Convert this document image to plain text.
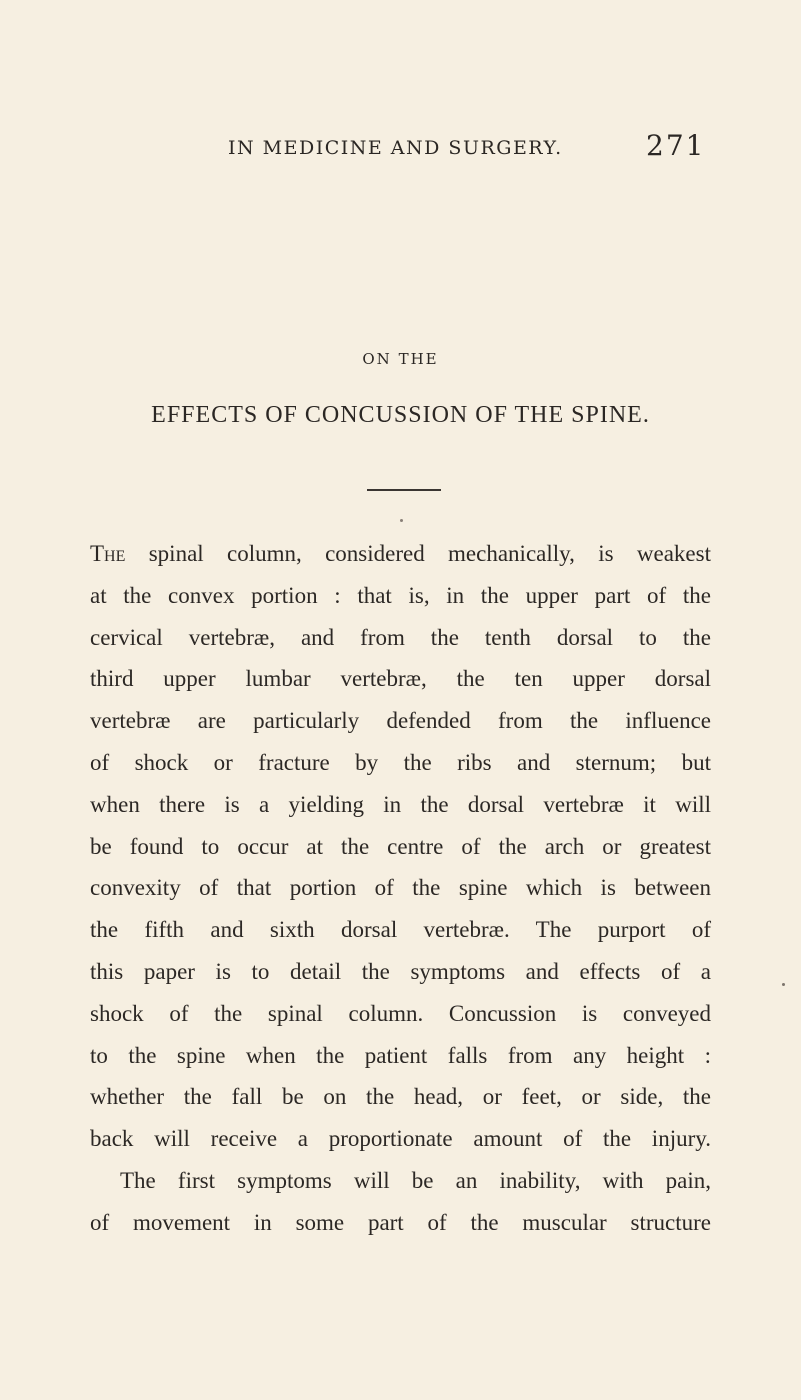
IN MEDICINE AND SURGERY.	271
ON THE
EFFECTS OF CONCUSSION OF THE SPINE.
The spinal column, considered mechanically, is weakest
at the convex portion : that is, in the upper part of the
cervical vertebræ, and from the tenth dorsal to the
third upper lumbar vertebræ, the ten upper dorsal
vertebræ are particularly defended from the influence
of shock or fracture by the ribs and sternum; but
when there is a yielding in the dorsal vertebræ it will
be found to occur at the centre of the arch or greatest
convexity of that portion of the spine which is between
the fifth and sixth dorsal vertebræ. The purport of
this paper is to detail the symptoms and effects of a
shock of the spinal column. Concussion is conveyed
to the spine when the patient falls from any height :
whether the fall be on the head, or feet, or side, the
back will receive a proportionate amount of the injury.
The first symptoms will be an inability, with pain,
of movement in some part of the muscular structure
